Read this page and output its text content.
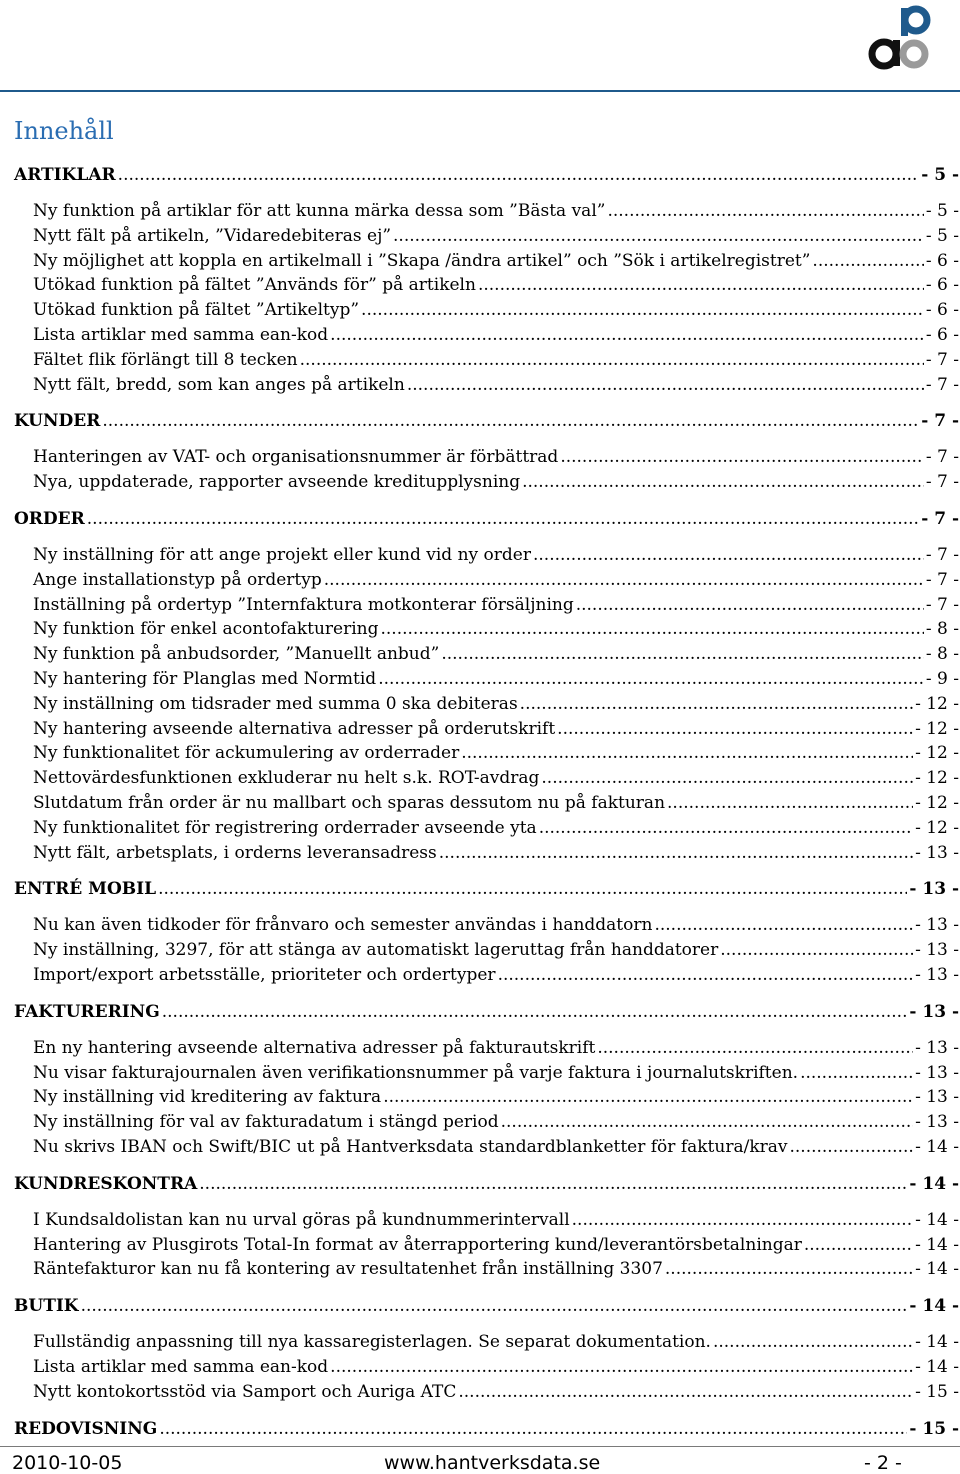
Innehåll
ARTIKLAR .....	- 5 -
Ny funktion på artiklar för att kunna märka dessa som ”Bästa val” .....	- 5 -
Nytt fält på artikeln, ”Vidaredebiteras ej” .....	- 5 -
Ny möjlighet att koppla en artikelmall i ”Skapa /ändra artikel” och ”Sök i artikelregistret” .....	- 6 -
Utökad funktion på fältet ”Används för” på artikeln .....	- 6 -
Utökad funktion på fältet ”Artikeltyp” .....	- 6 -
Lista artiklar med samma ean-kod .....	- 6 -
Fältet flik förlängt till 8 tecken .....	- 7 -
Nytt fält, bredd, som kan anges på artikeln .....	- 7 -
KUNDER .....	- 7 -
Hanteringen av VAT- och organisationsnummer är förbättrad .....	- 7 -
Nya, uppdaterade, rapporter avseende kreditupplysning .....	- 7 -
ORDER .....	- 7 -
Ny inställning för att ange projekt eller kund vid ny order .....	- 7 -
Ange installationstyp på ordertyp .....	- 7 -
Inställning på ordertyp ”Internfaktura motkonterar försäljning .....	- 7 -
Ny funktion för enkel acontofakturering .....	- 8 -
Ny funktion på anbudsorder, ”Manuellt anbud” .....	- 8 -
Ny hantering för Planglas med Normtid .....	- 9 -
Ny inställning om tidsrader med summa 0 ska debiteras .....	- 12 -
Ny hantering avseende alternativa adresser på orderutskrift .....	- 12 -
Ny funktionalitet för ackumulering av orderrader .....	- 12 -
Nettovärdesfunktionen exkluderar nu helt s.k. ROT-avdrag .....	- 12 -
Slutdatum från order är nu mallbart och sparas dessutom nu på fakturan .....	- 12 -
Ny funktionalitet för registrering orderrader avseende yta .....	- 12 -
Nytt fält, arbetsplats, i orderns leveransadress .....	- 13 -
ENTRÉ MOBIL .....	- 13 -
Nu kan även tidkoder för frånvaro och semester användas i handdatorn .....	- 13 -
Ny inställning, 3297, för att stänga av automatiskt lageruttag från handdatorer .....	- 13 -
Import/export arbetsställe, prioriteter och ordertyper .....	- 13 -
FAKTURERING .....	- 13 -
En ny hantering avseende alternativa adresser på fakturautskrift .....	- 13 -
Nu visar fakturajournalen även verifikationsnummer på varje faktura i journalutskriften. .....	- 13 -
Ny inställning vid kreditering av faktura .....	- 13 -
Ny inställning för val av fakturadatum i stängd period .....	- 13 -
Nu skrivs IBAN och Swift/BIC ut på Hantverksdata standardblanketter för faktura/krav .....	- 14 -
KUNDRESKONTRA .....	- 14 -
I Kundsaldolistan kan nu urval göras på kundnummerintervall .....	- 14 -
Hantering av Plusgirots Total-In format av återrapportering kund/leverantörsbetalningar .....	- 14 -
Räntefakturor kan nu få kontering av resultatenhet från inställning 3307 .....	- 14 -
BUTIK .....	- 14 -
Fullständig anpassning till nya kassaregisterlagen. Se separat dokumentation. .....	- 14 -
Lista artiklar med samma ean-kod .....	- 14 -
Nytt kontokortsstöd via Samport och Auriga ATC .....	- 15 -
REDOVISNING .....	- 15 -
2010-10-05	www.hantverksdata.se	- 2 -
